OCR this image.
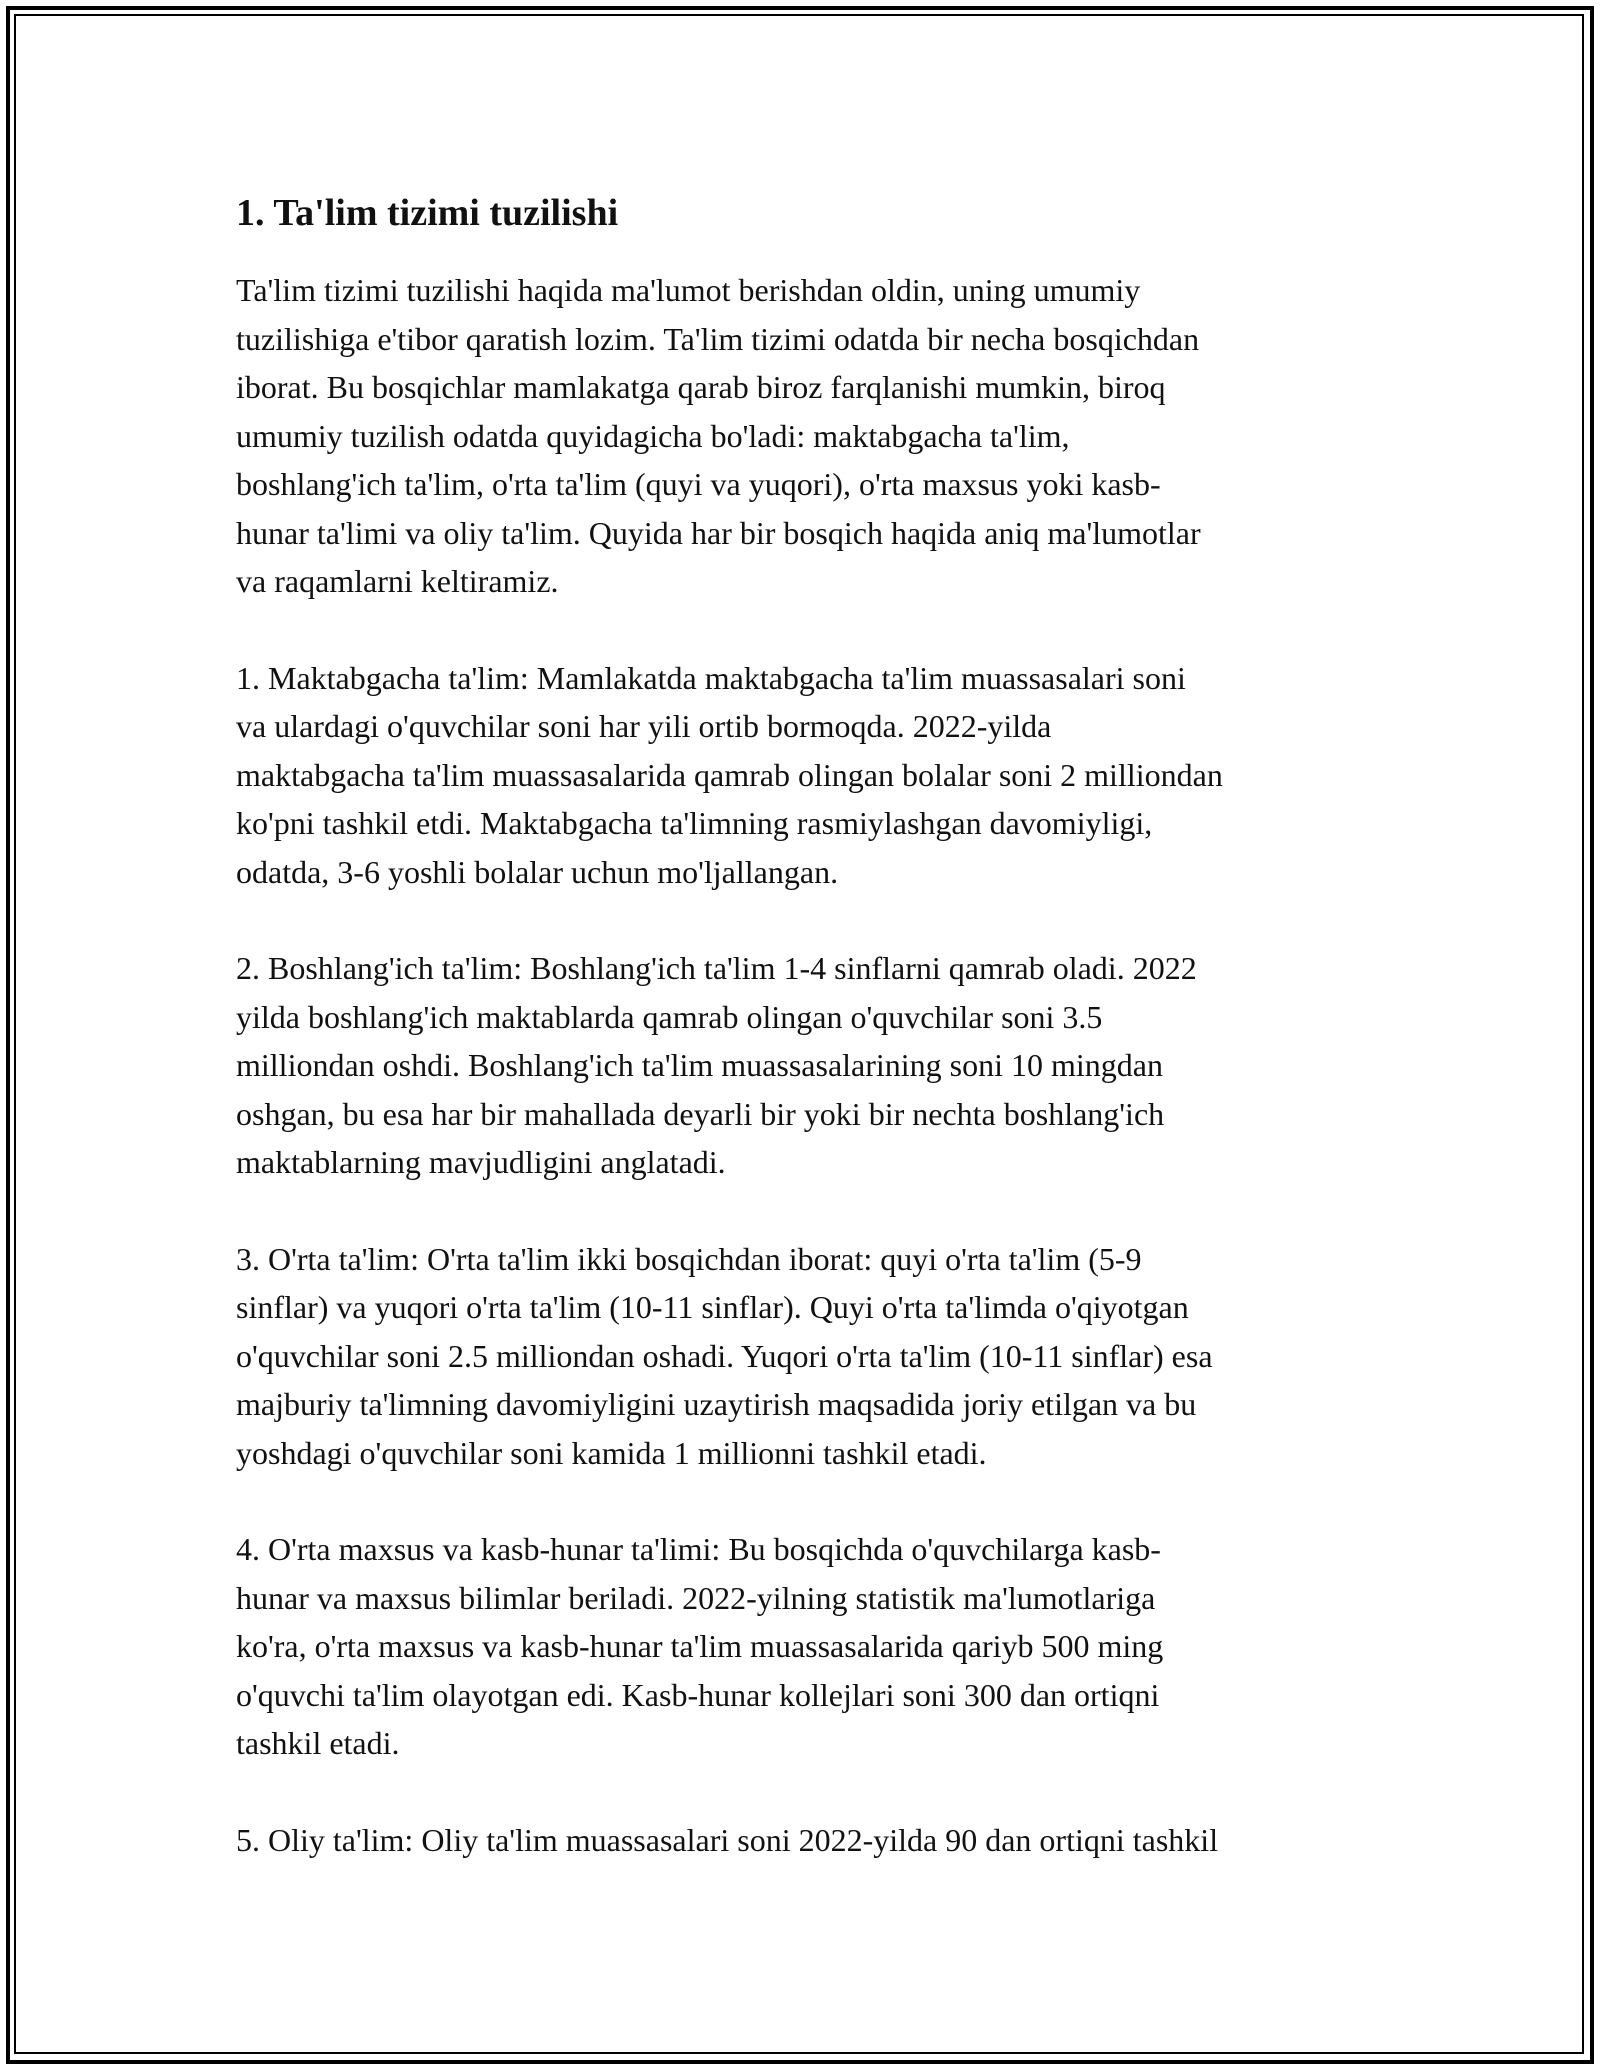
1. Ta'lim tizimi tuzilishi

Ta'lim tizimi tuzilishi haqida ma'lumot berishdan oldin, uning umumiy
tuzilishiga e'tibor qaratish lozim. Ta'lim tizimi odatda bir necha bosqichdan
iborat. Bu bosqichlar mamlakatga qarab biroz farqlanishi mumkin, biroq
umumiy tuzilish odatda quyidagicha bo'ladi: maktabgacha ta'lim,
boshlang'ich ta'lim, o'rta ta'lim (quyi va yuqori), o'rta maxsus yoki kasb-
hunar ta'limi va oliy ta'lim. Quyida har bir bosqich haqida aniq ma'lumotlar
va raqamlarni keltiramiz.

1. Maktabgacha ta'lim: Mamlakatda maktabgacha ta'lim muassasalari soni
va ulardagi o'quvchilar soni har yili ortib bormoqda. 2022-yilda
maktabgacha ta'lim muassasalarida qamrab olingan bolalar soni 2 milliondan
ko'pni tashkil etdi. Maktabgacha ta'limning rasmiylashgan davomiyligi,
odatda, 3-6 yoshli bolalar uchun mo'ljallangan.

2. Boshlang'ich ta'lim: Boshlang'ich ta'lim 1-4 sinflarni qamrab oladi. 2022
yilda boshlang'ich maktablarda qamrab olingan o'quvchilar soni 3.5
milliondan oshdi. Boshlang'ich ta'lim muassasalarining soni 10 mingdan
oshgan, bu esa har bir mahallada deyarli bir yoki bir nechta boshlang'ich
maktablarning mavjudligini anglatadi.

3. O'rta ta'lim: O'rta ta'lim ikki bosqichdan iborat: quyi o'rta ta'lim (5-9
sinflar) va yuqori o'rta ta'lim (10-11 sinflar). Quyi o'rta ta'limda o'qiyotgan
o'quvchilar soni 2.5 milliondan oshadi. Yuqori o'rta ta'lim (10-11 sinflar) esa
majburiy ta'limning davomiyligini uzaytirish maqsadida joriy etilgan va bu
yoshdagi o'quvchilar soni kamida 1 millionni tashkil etadi.

4. O'rta maxsus va kasb-hunar ta'limi: Bu bosqichda o'quvchilarga kasb-
hunar va maxsus bilimlar beriladi. 2022-yilning statistik ma'lumotlariga
ko'ra, o'rta maxsus va kasb-hunar ta'lim muassasalarida qariyb 500 ming
o'quvchi ta'lim olayotgan edi. Kasb-hunar kollejlari soni 300 dan ortiqni
tashkil etadi.

5. Oliy ta'lim: Oliy ta'lim muassasalari soni 2022-yilda 90 dan ortiqni tashkil
